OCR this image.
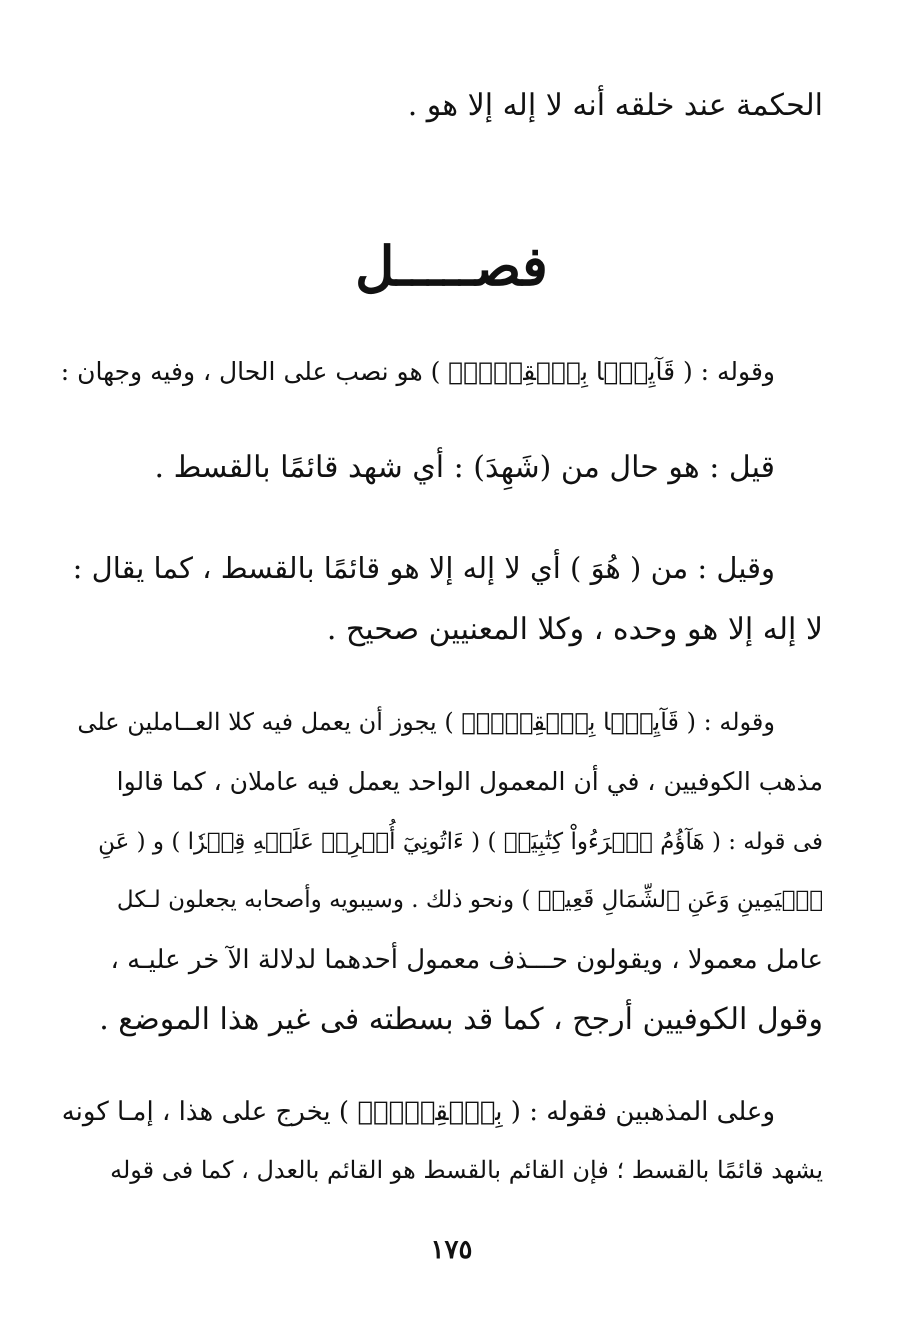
الحكمة عند خلقه أنه لا إله إلا هو .
فصـــــل
وقوله : ( قَآيِمَۢا بِٱلۡقِسۡطِۚ ) هو نصب على الحال ، وفيه وجهان :
قيل : هو حال من (شَهِدَ) : أي شهد قائمًا بالقسط .
وقيل : من ( هُوَ ) أي لا إله إلا هو قائمًا بالقسط ، كما يقال :
لا إله إلا هو وحده ، وكلا المعنيين صحيح .
وقوله : ( قَآيِمَۢا بِٱلۡقِسۡطِۚ ) يجوز أن يعمل فيه كلا العــاملين على
مذهب الكوفيين ، في أن المعمول الواحد يعمل فيه عاملان ، كما قالوا
فى قوله : ( هَآؤُمُ ٱقۡرَءُواْ كِتَٰبِيَهۡ ) ( ءَاتُونِيٓ أُفۡرِغۡ عَلَيۡهِ قِطۡرٗا ) و ( عَنِ
ٱلۡيَمِينِ وَعَنِ ٱلشِّمَالِ قَعِيدٞ ) ونحو ذلك . وسيبويه وأصحابه يجعلون لـكل
عامل معمولا ، ويقولون حـــذف معمول أحدهما لدلالة الآ خر عليـه ،
وقول الكوفيين أرجح ، كما قد بسطته فى غير هذا الموضع .
وعلى المذهبين فقوله : ( بِٱلۡقِسۡطِۚ ) يخرج على هذا ، إمـا كونه
يشهد قائمًا بالقسط ؛ فإن القائم بالقسط هو القائم بالعدل ، كما فى قوله
١٧٥
